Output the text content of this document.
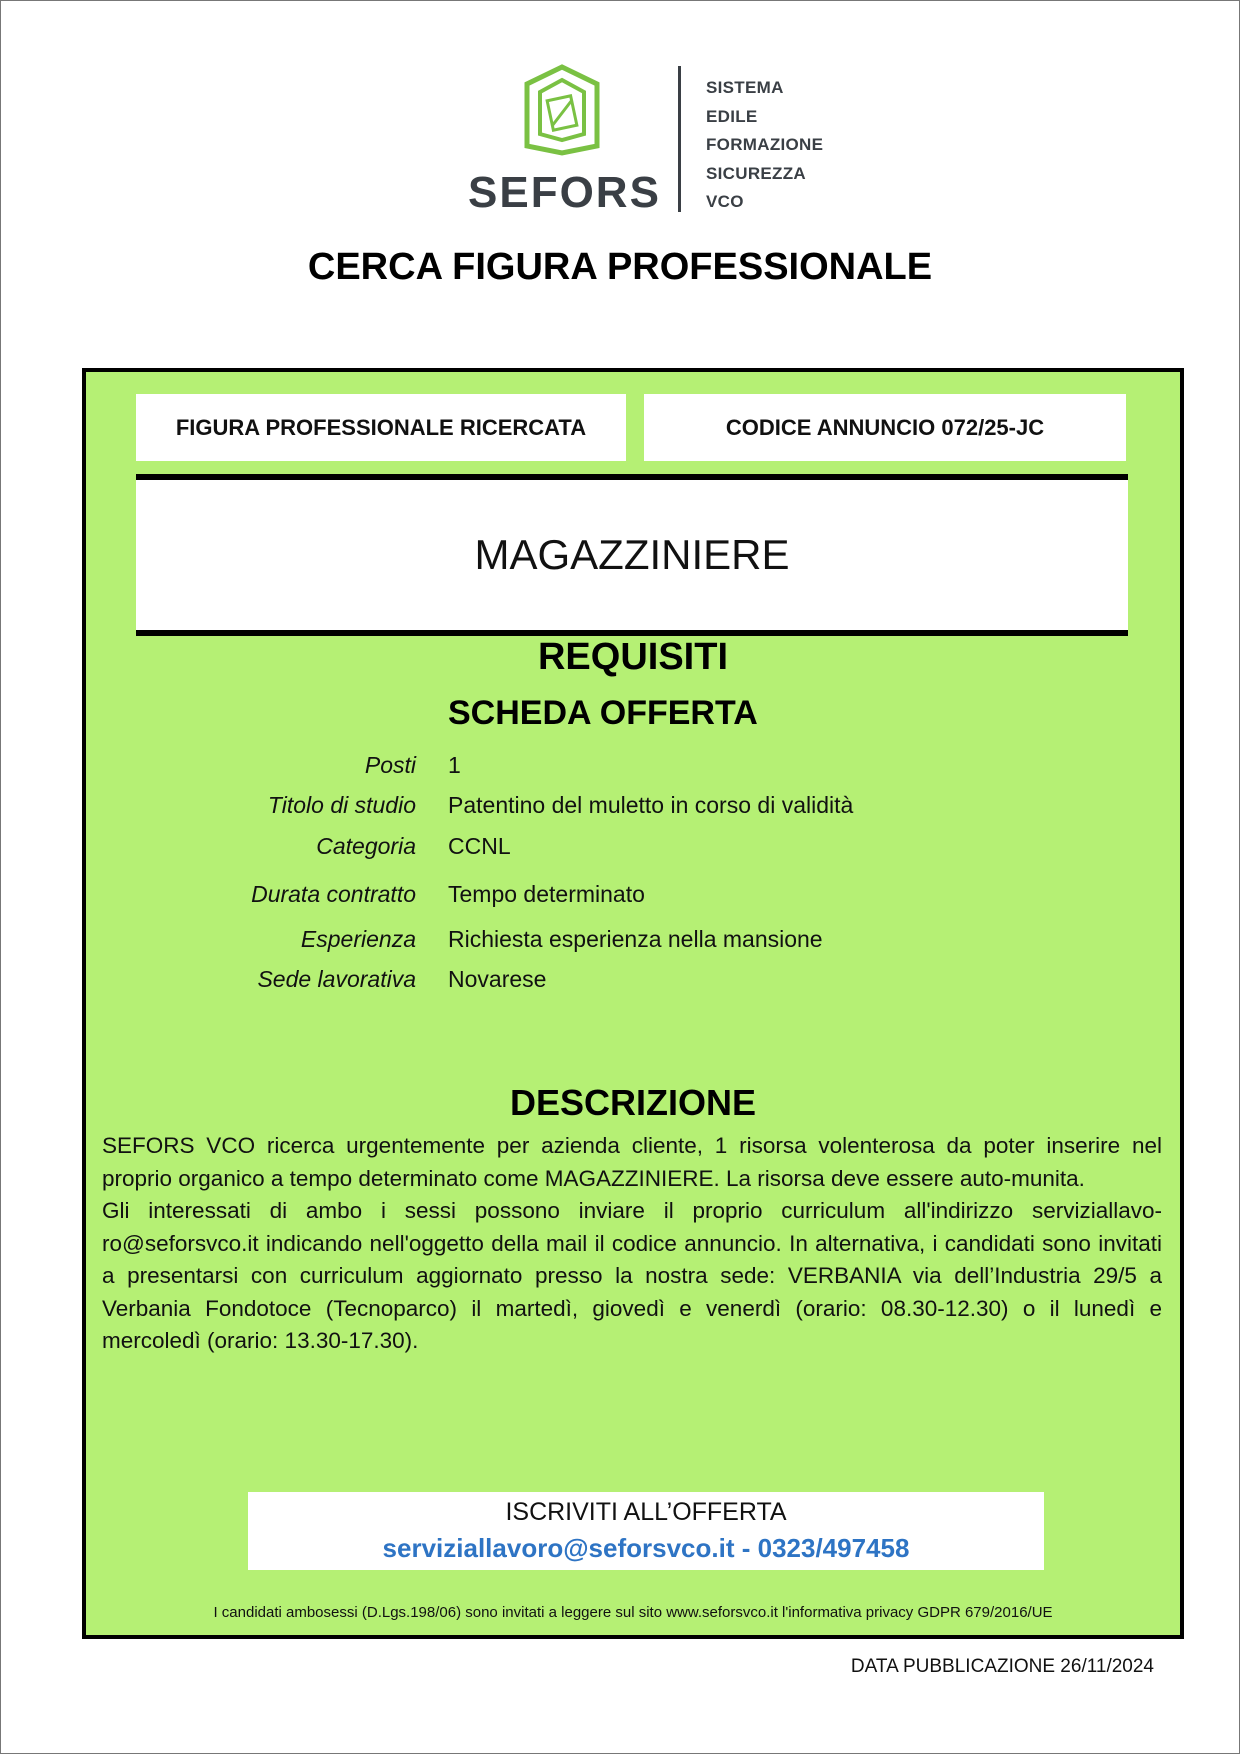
SEFORS
SISTEMA
EDILE
FORMAZIONE
SICUREZZA
VCO
CERCA FIGURA PROFESSIONALE
FIGURA PROFESSIONALE RICERCATA	CODICE ANNUNCIO 072/25-JC
MAGAZZINIERE
REQUISITI
SCHEDA OFFERTA
Posti 1
Titolo di studio Patentino del muletto in corso di validità
Categoria CCNL
Durata contratto Tempo determinato
Esperienza Richiesta esperienza nella mansione
Sede lavorativa Novarese
DESCRIZIONE

SEFORS VCO ricerca urgentemente per azienda cliente, 1 risorsa volenterosa da poter inserire nel proprio organico a tempo determinato come MAGAZZINIERE. La risorsa deve essere auto-munita.

Gli interessati di ambo i sessi possono inviare il proprio curriculum all'indirizzo serviziallavo-ro@seforsvco.it indicando nell'oggetto della mail il codice annuncio. In alternativa, i candidati sono invitati a presentarsi con curriculum aggiornato presso la nostra sede: VERBANIA via dell’Industria 29/5 a Verbania Fondotoce (Tecnoparco) il martedì, giovedì e venerdì (orario: 08.30-12.30) o il lunedì e mercoledì (orario: 13.30-17.30).

ISCRIVITI ALL’OFFERTA
serviziallavoro@seforsvco.it - 0323/497458
I candidati ambosessi (D.Lgs.198/06) sono invitati a leggere sul sito www.seforsvco.it l'informativa privacy GDPR 679/2016/UE
DATA PUBBLICAZIONE 26/11/2024
